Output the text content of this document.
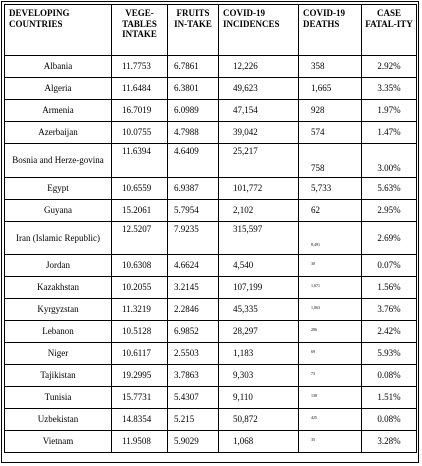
DEVELOPING COUNTRIES	VEGE-TABLES INTAKE	FRUITS IN-TAKE	COVID-19 INCIDENCES	COVID-19 DEATHS	CASE FATAL-ITY
Albania	11.7753	6.7861	12,226	358	2.92%
Algeria	11.6484	6.3801	49,623	1,665	3.35%
Armenia	16.7019	6.0989	47,154	928	1.97%
Azerbaijan	10.0755	4.7988	39,042	574	1.47%
Bosnia and Herze-govina	11.6394	4.6409	25,217	758	3.00%
Egypt	10.6559	6.9387	101,772	5,733	5.63%
Guyana	15.2061	5.7954	2,102	62	2.95%
Iran (Islamic Republic)	12.5207	7.9235	315,597	8,491	2.69%
Jordan	10.6308	4.6624	4,540	30	0.07%
Kazakhstan	10.2055	3.2145	107,199	1,671	1.56%
Kyrgyzstan	11.3219	2.2846	45,335	1,063	3.76%
Lebanon	10.5128	6.9852	28,297	286	2.42%
Niger	10.6117	2.5503	1,183	69	5.93%
Tajikistan	19.2995	3.7863	9,303	73	0.08%
Tunisia	15.7731	5.4307	9,110	138	1.51%
Uzbekistan	14.8354	5.215	50,872	425	0.08%
Vietnam	11.9508	5.9029	1,068	35	3.28%
